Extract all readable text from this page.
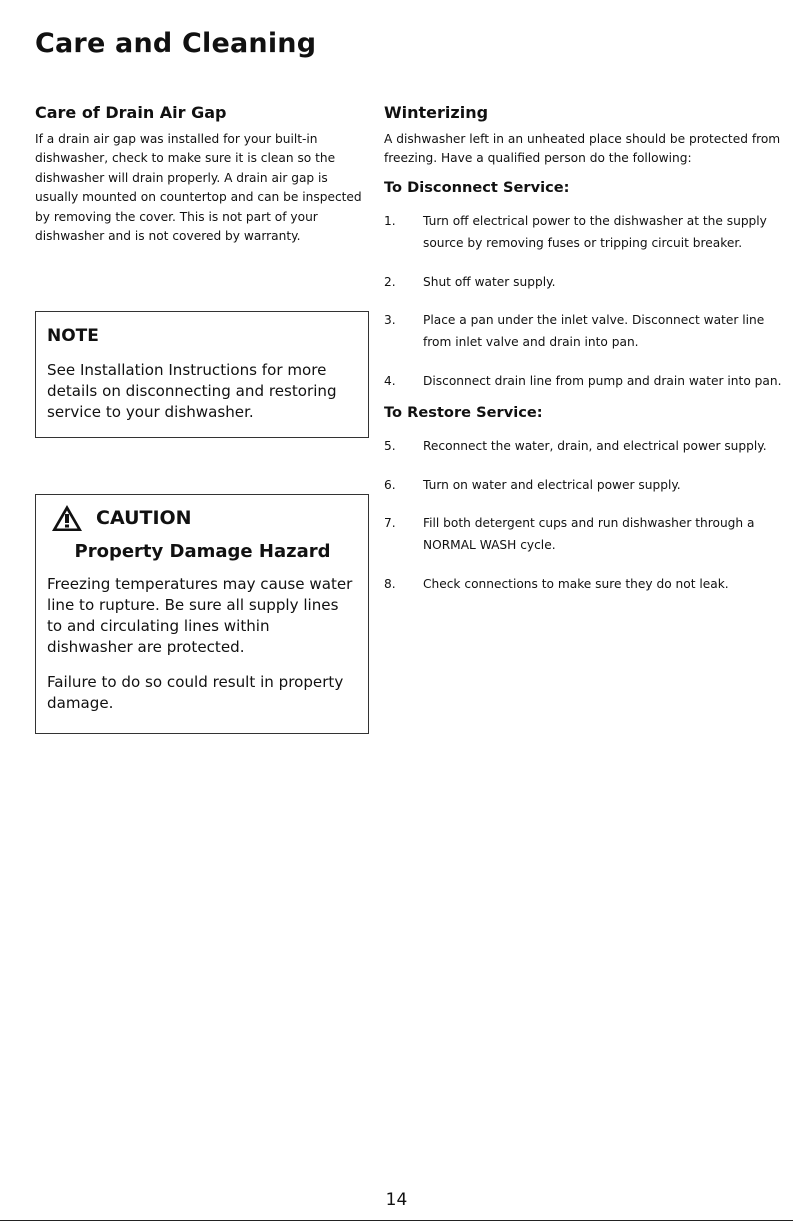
Care and Cleaning
Care of Drain Air Gap

If a drain air gap was installed for your built-in dishwasher, check to make sure it is clean so the dishwasher will drain properly. A drain air gap is usually mounted on countertop and can be inspected by removing the cover. This is not part of your dishwasher and is not covered by warranty.

NOTE

See Installation Instructions for more details on disconnecting and restoring service to your dishwasher.

CAUTION
Property Damage Hazard

Freezing temperatures may cause water line to rupture. Be sure all supply lines to and circulating lines within dishwasher are protected.

Failure to do so could result in property damage.

Winterizing

A dishwasher left in an unheated place should be protected from freezing. Have a qualified person do the following:

To Disconnect Service:
1.	Turn off electrical power to the dishwasher at the supply source by removing fuses or tripping circuit breaker.
2.	Shut off water supply.
3.	Place a pan under the inlet valve. Disconnect water line from inlet valve and drain into pan.
4.	Disconnect drain line from pump and drain water into pan.
To Restore Service:
5.	Reconnect the water, drain, and electrical power supply.
6.	Turn on water and electrical power supply.
7.	Fill both detergent cups and run dishwasher through a NORMAL WASH cycle.
8.	Check connections to make sure they do not leak.
14
